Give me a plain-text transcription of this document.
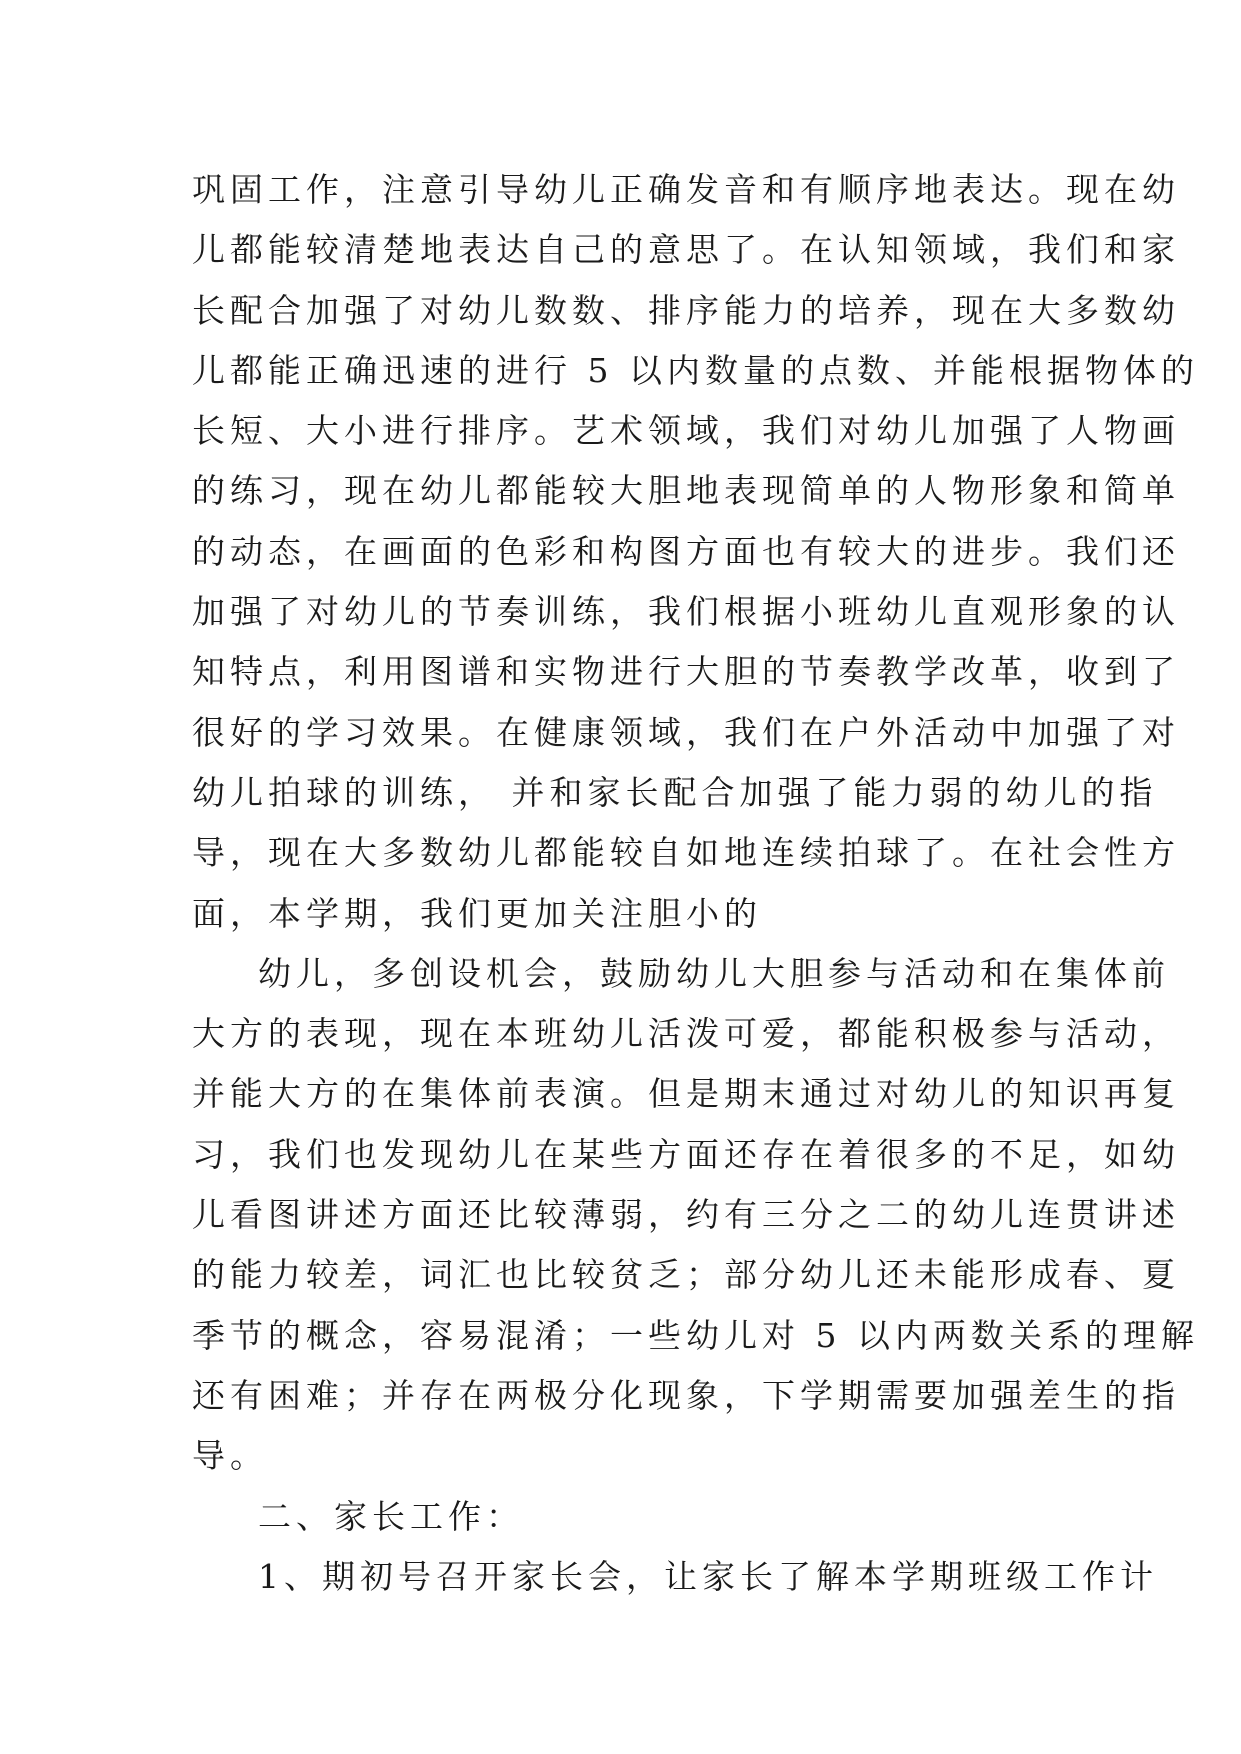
巩固工作，注意引导幼儿正确发音和有顺序地表达。现在幼
儿都能较清楚地表达自己的意思了。在认知领域，我们和家
长配合加强了对幼儿数数、排序能力的培养，现在大多数幼
儿都能正确迅速的进行 5 以内数量的点数、并能根据物体的
长短、大小进行排序。艺术领域，我们对幼儿加强了人物画
的练习，现在幼儿都能较大胆地表现简单的人物形象和简单
的动态，在画面的色彩和构图方面也有较大的进步。我们还
加强了对幼儿的节奏训练，我们根据小班幼儿直观形象的认
知特点，利用图谱和实物进行大胆的节奏教学改革，收到了
很好的学习效果。在健康领域，我们在户外活动中加强了对
幼儿拍球的训练， 并和家长配合加强了能力弱的幼儿的指
导，现在大多数幼儿都能较自如地连续拍球了。在社会性方
面，本学期，我们更加关注胆小的
幼儿，多创设机会，鼓励幼儿大胆参与活动和在集体前
大方的表现，现在本班幼儿活泼可爱，都能积极参与活动，
并能大方的在集体前表演。但是期末通过对幼儿的知识再复
习，我们也发现幼儿在某些方面还存在着很多的不足，如幼
儿看图讲述方面还比较薄弱，约有三分之二的幼儿连贯讲述
的能力较差，词汇也比较贫乏；部分幼儿还未能形成春、夏
季节的概念，容易混淆；一些幼儿对 5 以内两数关系的理解
还有困难；并存在两极分化现象，下学期需要加强差生的指
导。
二、家长工作：
1、期初号召开家长会，让家长了解本学期班级工作计
